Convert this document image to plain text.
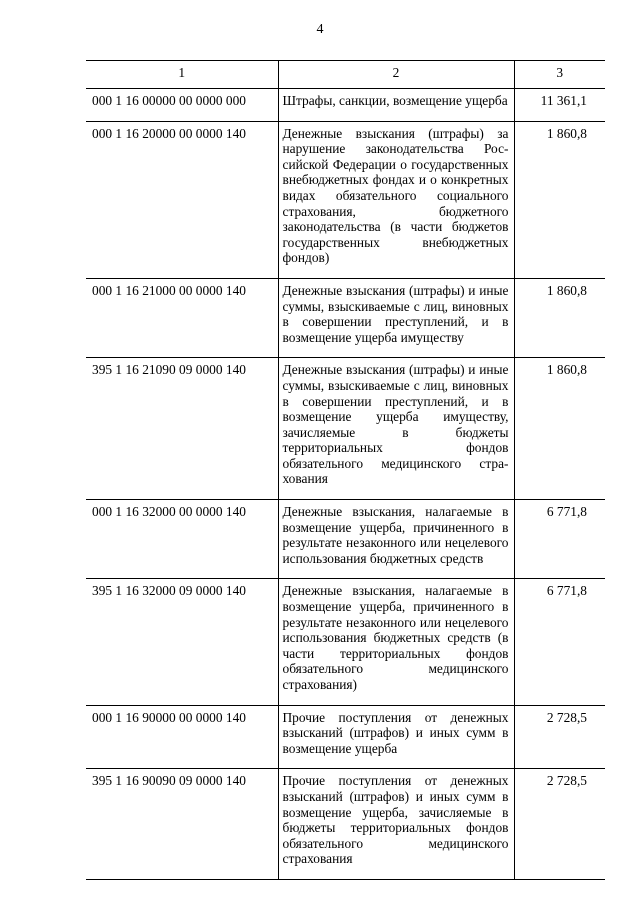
4
1	2	3
000 1 16 00000 00 0000 000	Штрафы, санкции, возмещение ущерба	11 361,1
000 1 16 20000 00 0000 140	Денежные взыскания (штрафы) за нарушение законодательства Российской Федерации о государственных внебюджетных фондах и о конкретных видах обязательного социального страхования, бюджетного законодательства (в части бюджетов государственных внебюджетных фондов)	1 860,8
000 1 16 21000 00 0000 140	Денежные взыскания (штрафы) и иные суммы, взыскиваемые с лиц, виновных в совершении преступлений, и в возмещение ущерба имуществу	1 860,8
395 1 16 21090 09 0000 140	Денежные взыскания (штрафы) и иные суммы, взыскиваемые с лиц, виновных в совершении преступлений, и в возмещение ущерба имуществу, зачисляемые в бюджеты территориальных фондов обязательного медицинского страхования	1 860,8
000 1 16 32000 00 0000 140	Денежные взыскания, налагаемые в возмещение ущерба, причиненного в результате незаконного или нецелевого использования бюджетных средств	6 771,8
395 1 16 32000 09 0000 140	Денежные взыскания, налагаемые в возмещение ущерба, причиненного в результате незаконного или нецелевого использования бюджетных средств (в части территориальных фондов обязательного медицинского страхования)	6 771,8
000 1 16 90000 00 0000 140	Прочие поступления от денежных взысканий (штрафов) и иных сумм в возмещение ущерба	2 728,5
395 1 16 90090 09 0000 140	Прочие поступления от денежных взысканий (штрафов) и иных сумм в возмещение ущерба, зачисляемые в бюджеты территориальных фондов обязательного медицинского страхования	2 728,5
